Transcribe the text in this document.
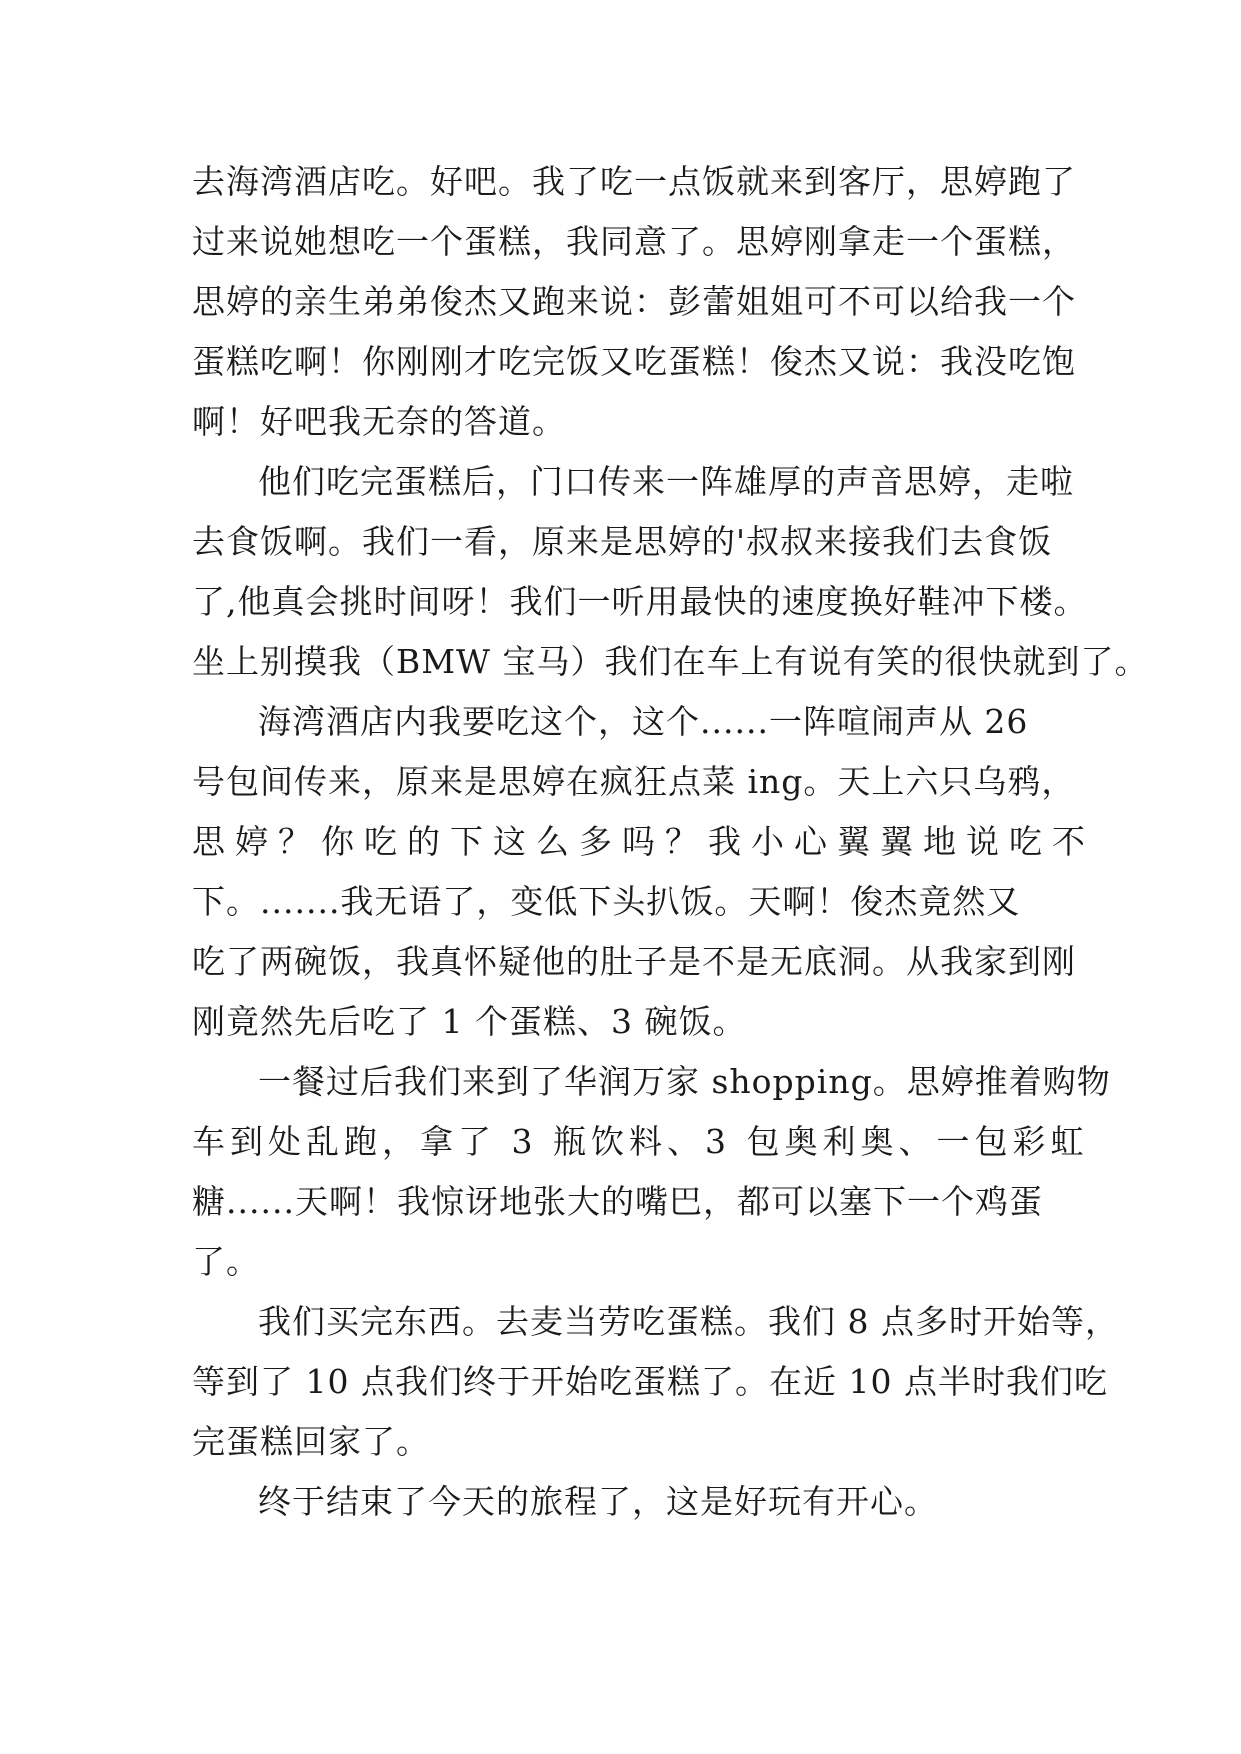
去海湾酒店吃。好吧。我了吃一点饭就来到客厅，思婷跑了
过来说她想吃一个蛋糕，我同意了。思婷刚拿走一个蛋糕，
思婷的亲生弟弟俊杰又跑来说：彭蕾姐姐可不可以给我一个
蛋糕吃啊！你刚刚才吃完饭又吃蛋糕！俊杰又说：我没吃饱
啊！好吧我无奈的答道。
他们吃完蛋糕后，门口传来一阵雄厚的声音思婷，走啦
去食饭啊。我们一看，原来是思婷的'叔叔来接我们去食饭
了,他真会挑时间呀！我们一听用最快的速度换好鞋冲下楼。
坐上别摸我（BMW 宝马）我们在车上有说有笑的很快就到了。
海湾酒店内我要吃这个，这个......一阵喧闹声从 26
号包间传来，原来是思婷在疯狂点菜 ing。天上六只乌鸦，
思婷？你吃的下这么多吗？我小心翼翼地说吃不
下。.......我无语了，变低下头扒饭。天啊！俊杰竟然又
吃了两碗饭，我真怀疑他的肚子是不是无底洞。从我家到刚
刚竟然先后吃了 1 个蛋糕、3 碗饭。
一餐过后我们来到了华润万家 shopping。思婷推着购物
车到处乱跑，拿了 3 瓶饮料、3 包奥利奥、一包彩虹
糖......天啊！我惊讶地张大的嘴巴，都可以塞下一个鸡蛋
了。
我们买完东西。去麦当劳吃蛋糕。我们 8 点多时开始等，
等到了 10 点我们终于开始吃蛋糕了。在近 10 点半时我们吃
完蛋糕回家了。
终于结束了今天的旅程了，这是好玩有开心。
